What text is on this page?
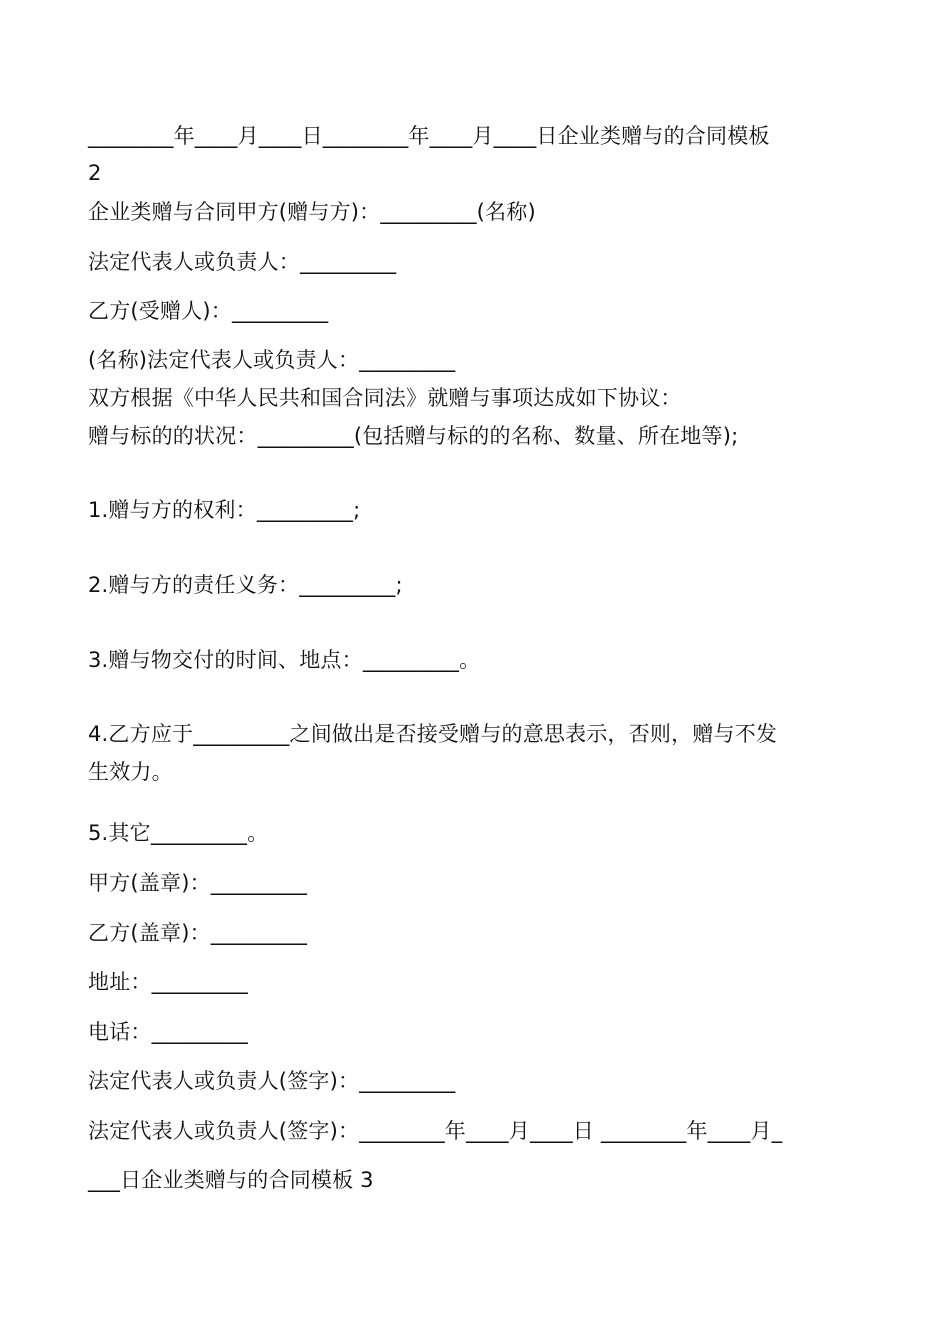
________年____月____日________年____月____日企业类赠与的合同模板
2
企业类赠与合同甲方(赠与方)：_________(名称)
法定代表人或负责人：_________
乙方(受赠人)：_________
(名称)法定代表人或负责人：_________
双方根据《中华人民共和国合同法》就赠与事项达成如下协议：
赠与标的的状况：_________(包括赠与标的的名称、数量、所在地等);
1.赠与方的权利：_________;
2.赠与方的责任义务：_________;
3.赠与物交付的时间、地点：_________。
4.乙方应于_________之间做出是否接受赠与的意思表示，否则，赠与不发
生效力。
5.其它_________。
甲方(盖章)：_________
乙方(盖章)：_________
地址：_________
电话：_________
法定代表人或负责人(签字)：_________
法定代表人或负责人(签字)：________年____月____日 ________年____月_
___日企业类赠与的合同模板 3
